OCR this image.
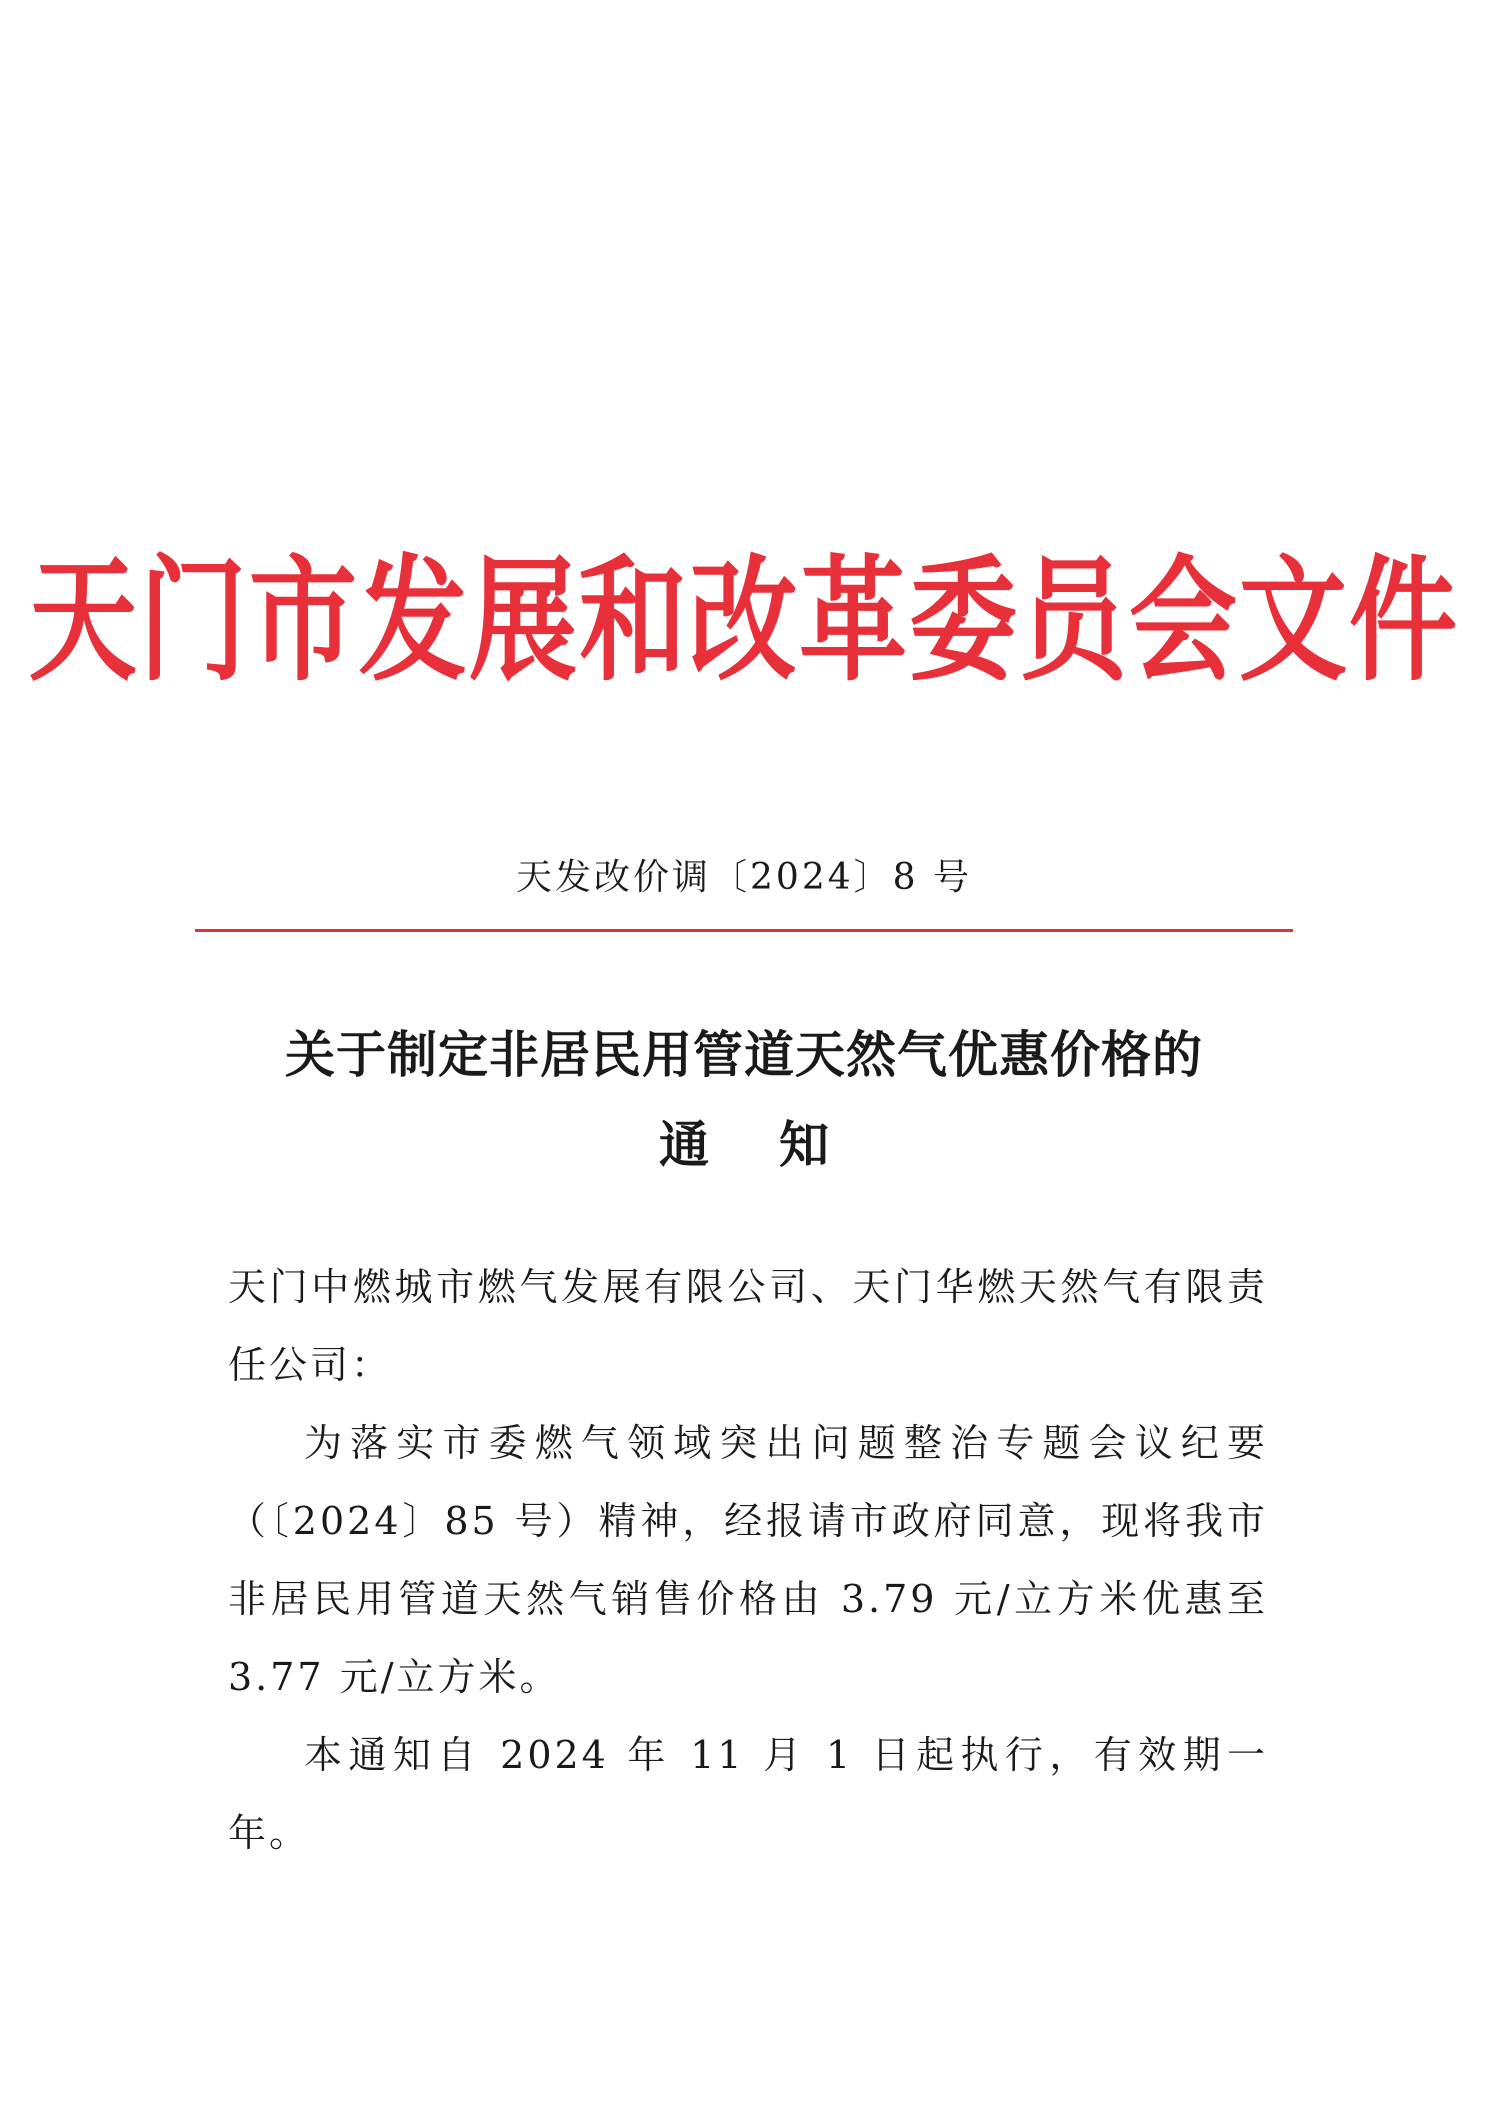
天门市发展和改革委员会文件
天发改价调〔2024〕8 号
关于制定非居民用管道天然气优惠价格的
通知

天门中燃城市燃气发展有限公司、天门华燃天然气有限责任公司：

为落实市委燃气领域突出问题整治专题会议纪要（〔2024〕85 号）精神，经报请市政府同意，现将我市非居民用管道天然气销售价格由 3.79 元/立方米优惠至 3.77 元/立方米。

本通知自 2024 年 11 月 1 日起执行，有效期一年。
